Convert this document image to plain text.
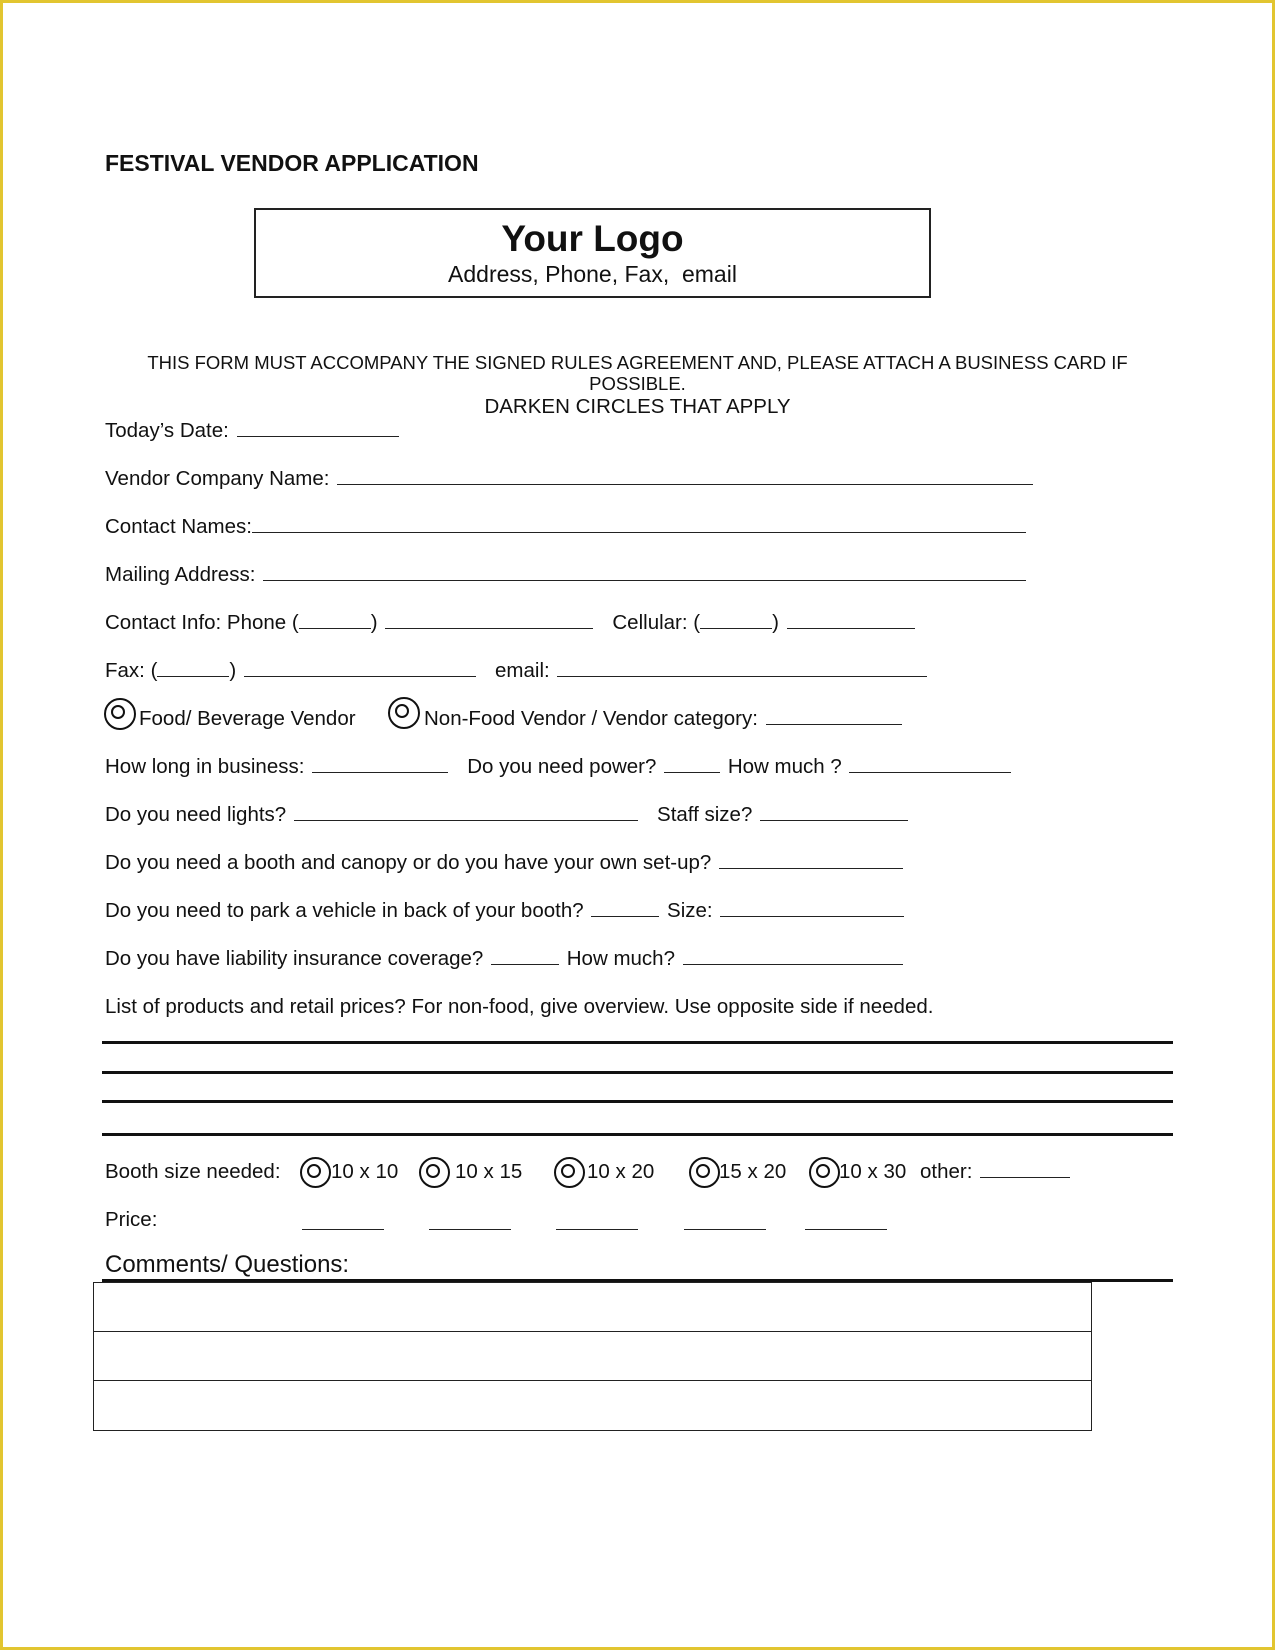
FESTIVAL VENDOR APPLICATION
Your Logo
Address, Phone, Fax,  email
THIS FORM MUST ACCOMPANY THE SIGNED RULES AGREEMENT AND, PLEASE ATTACH A BUSINESS CARD IF
POSSIBLE.
DARKEN CIRCLES THAT APPLY
Today’s Date:
Vendor Company Name:
Contact Names:
Mailing Address:
Contact Info: Phone (	)	Cellular: (	)
Fax: (	)	email:
Food/ Beverage Vendor	Non-Food Vendor / Vendor category:
How long in business:	Do you need power?	How much ?
Do you need lights?	Staff size?
Do you need a booth and canopy or do you have your own set-up?
Do you need to park a vehicle in back of your booth?	Size:
Do you have liability insurance coverage?	How much?
List of products and retail prices? For non-food, give overview. Use opposite side if needed.
Booth size needed: 10 x 10	10 x 15	10 x 20	15 x 20	10 x 30 other:
Price:
Comments/ Questions:
